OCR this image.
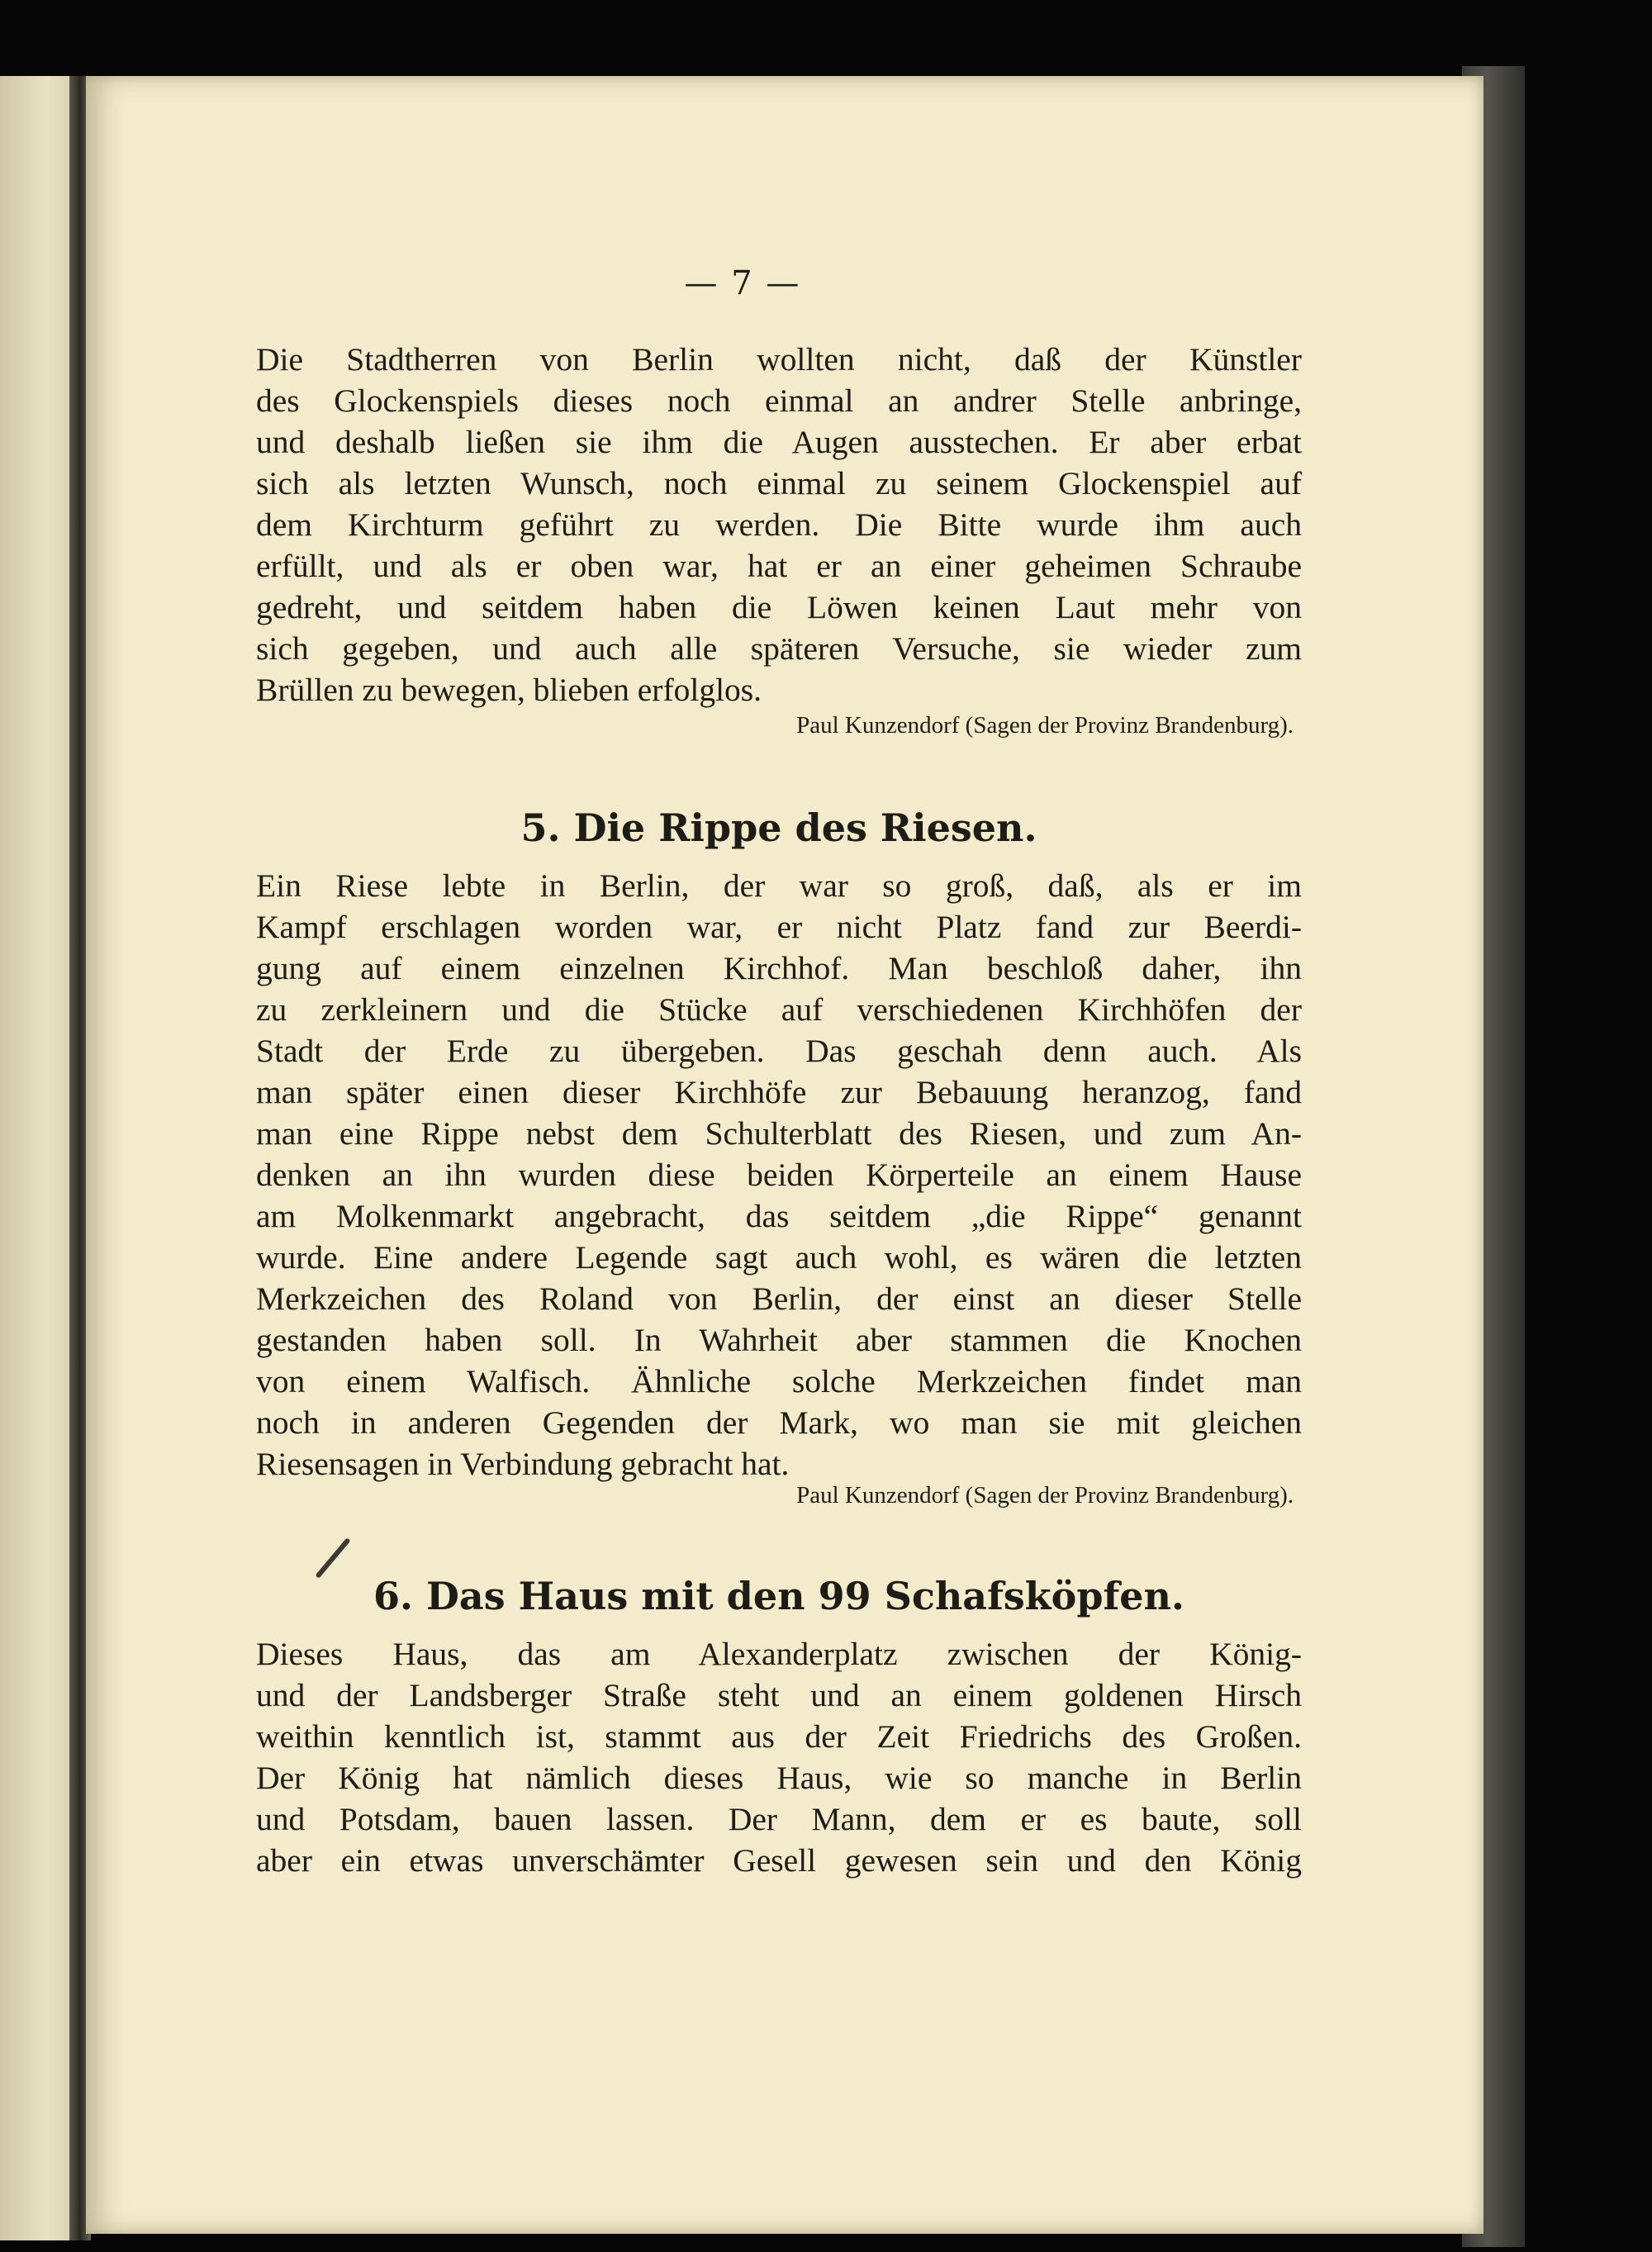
— 7 —
Die Stadtherren von Berlin wollten nicht, daß der Künstler
des Glockenspiels dieses noch einmal an andrer Stelle anbringe,
und deshalb ließen sie ihm die Augen ausstechen. Er aber erbat
sich als letzten Wunsch, noch einmal zu seinem Glockenspiel auf
dem Kirchturm geführt zu werden. Die Bitte wurde ihm auch
erfüllt, und als er oben war, hat er an einer geheimen Schraube
gedreht, und seitdem haben die Löwen keinen Laut mehr von
sich gegeben, und auch alle späteren Versuche, sie wieder zum
Brüllen zu bewegen, blieben erfolglos.
Paul Kunzendorf (Sagen der Provinz Brandenburg).
5. Die Rippe des Riesen.
Ein Riese lebte in Berlin, der war so groß, daß, als er im
Kampf erschlagen worden war, er nicht Platz fand zur Beerdi-
gung auf einem einzelnen Kirchhof. Man beschloß daher, ihn
zu zerkleinern und die Stücke auf verschiedenen Kirchhöfen der
Stadt der Erde zu übergeben. Das geschah denn auch. Als
man später einen dieser Kirchhöfe zur Bebauung heranzog, fand
man eine Rippe nebst dem Schulterblatt des Riesen, und zum An-
denken an ihn wurden diese beiden Körperteile an einem Hause
am Molkenmarkt angebracht, das seitdem „die Rippe“ genannt
wurde. Eine andere Legende sagt auch wohl, es wären die letzten
Merkzeichen des Roland von Berlin, der einst an dieser Stelle
gestanden haben soll. In Wahrheit aber stammen die Knochen
von einem Walfisch. Ähnliche solche Merkzeichen findet man
noch in anderen Gegenden der Mark, wo man sie mit gleichen
Riesensagen in Verbindung gebracht hat.
Paul Kunzendorf (Sagen der Provinz Brandenburg).
6. Das Haus mit den 99 Schafsköpfen.
Dieses Haus, das am Alexanderplatz zwischen der König-
und der Landsberger Straße steht und an einem goldenen Hirsch
weithin kenntlich ist, stammt aus der Zeit Friedrichs des Großen.
Der König hat nämlich dieses Haus, wie so manche in Berlin
und Potsdam, bauen lassen. Der Mann, dem er es baute, soll
aber ein etwas unverschämter Gesell gewesen sein und den König
